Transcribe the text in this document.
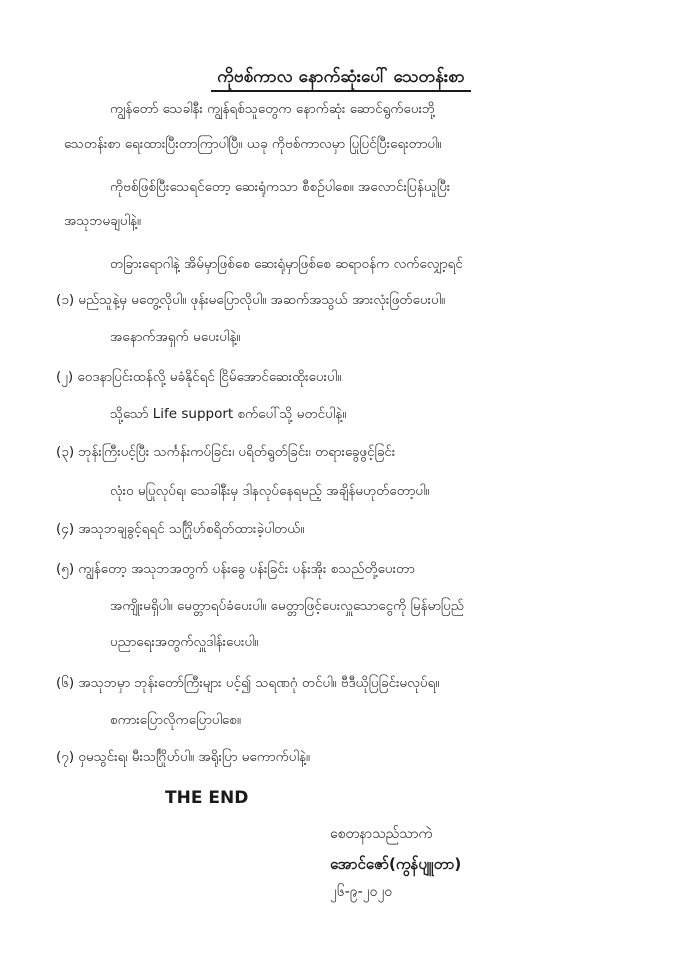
ကိုဗစ်ကာလ နောက်ဆုံးပေါ် သေတန်းစာ
ကျွန်တော် သေခါနီး ကျွန်ရစ်သူတွေက နောက်ဆုံး ဆောင်ရွက်ပေးဘို့
သေတန်းစာ ရေးထားပြီးတာကြာပါပြီ။ ယခု ကိုဗစ်ကာလမှာ ပြုပြင်ပြီးရေးတာပါ။
ကိုဗစ်ဖြစ်ပြီးသေရင်တော့ ဆေးရုံကသာ စီစဉ်ပါစေ။ အလောင်းပြန်ယူပြီး
အသုဘမချပါနဲ့။
တခြားရောဂါနဲ့ အိမ်မှာဖြစ်စေ ဆေးရုံမှာဖြစ်စေ ဆရာဝန်က လက်လျှော့ရင်
(၁) မည်သူနဲ့မှ မတွေ့လိုပါ။ ဖုန်းမပြောလိုပါ။ အဆက်အသွယ် အားလုံးဖြတ်ပေးပါ။
အနောက်အရှက် မပေးပါနဲ့။
(၂) ဝေဒနာပြင်းထန်လို့ မခံနိုင်ရင် ငြိမ်အောင်ဆေးထိုးပေးပါ။
သို့သော် Life support စက်ပေါ်သို့ မတင်ပါနဲ့။
(၃) ဘုန်းကြီးပင့်ပြီး သင်္ကန်းကပ်ခြင်း၊ ပရိတ်ရွတ်ခြင်း၊ တရားခွေဖွင့်ခြင်း
လုံးဝ မပြုလုပ်ရ၊ သေခါနီးမှ ဒါနလုပ်နေရမည့် အချိန်မဟုတ်တော့ပါ။
(၄) အသုဘချခွင့်ရရင် သင်္ဂြိုဟ်စရိတ်ထားခဲ့ပါတယ်။
(၅) ကျွန်တော့ အသုဘအတွက် ပန်းခွေ ပန်းခြင်း ပန်းအိုး စသည်တို့ပေးတာ
အကျိုးမရှိပါ။ မေတ္တာရပ်ခံပေးပါ။ မေတ္တာဖြင့်ပေးလှူသောငွေကို မြန်မာပြည်
ပညာရေးအတွက်လှူဒါန်းပေးပါ။
(၆) အသုဘမှာ ဘုန်းတော်ကြီးများ ပင့်၍ သရဏဂုံ တင်ပါ။ ဗီဒီယိုပြခြင်းမလုပ်ရ။
စကားပြောလိုကပြောပါစေ။
(၇) ဝှမသွင်းရ၊ မီးသင်္ဂြိုဟ်ပါ။ အရိုးပြာ မကောက်ပါနဲ့။
THE END
စေတနာသည်သာကဲ
အောင်ဇော်(ကွန်ပျူတာ)
၂၆-၉-၂၀၂၀
